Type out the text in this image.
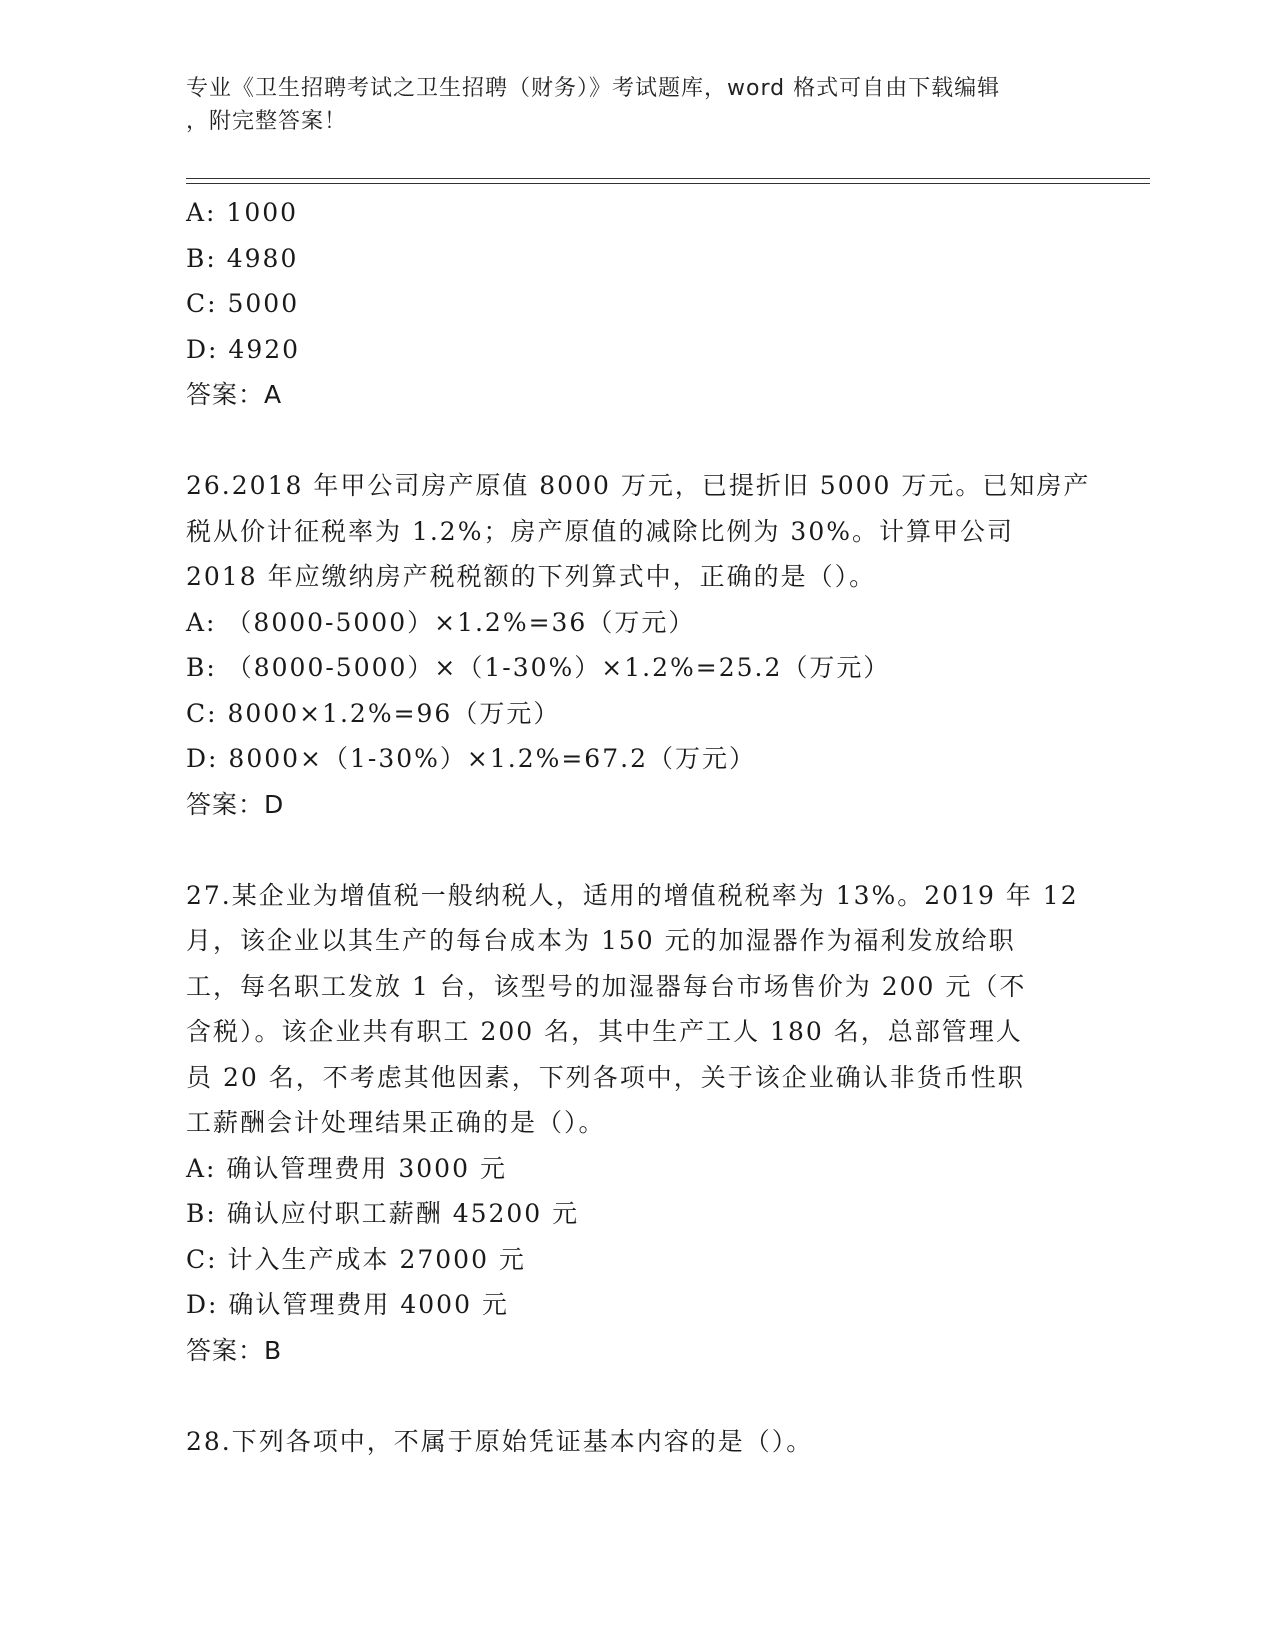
专业《卫生招聘考试之卫生招聘（财务）》考试题库，word 格式可自由下载编辑
，附完整答案！
A: 1000
B: 4980
C: 5000
D: 4920
答案：A
26.2018 年甲公司房产原值 8000 万元，已提折旧 5000 万元。已知房产
税从价计征税率为 1.2%；房产原值的减除比例为 30%。计算甲公司
2018 年应缴纳房产税税额的下列算式中，正确的是（）。
A: （8000-5000）×1.2%=36（万元）
B: （8000-5000）×（1-30%）×1.2%=25.2（万元）
C: 8000×1.2%=96（万元）
D: 8000×（1-30%）×1.2%=67.2（万元）
答案：D
27.某企业为增值税一般纳税人，适用的增值税税率为 13%。2019 年 12
月，该企业以其生产的每台成本为 150 元的加湿器作为福利发放给职
工，每名职工发放 1 台，该型号的加湿器每台市场售价为 200 元（不
含税）。该企业共有职工 200 名，其中生产工人 180 名，总部管理人
员 20 名，不考虑其他因素，下列各项中，关于该企业确认非货币性职
工薪酬会计处理结果正确的是（）。
A: 确认管理费用 3000 元
B: 确认应付职工薪酬 45200 元
C: 计入生产成本 27000 元
D: 确认管理费用 4000 元
答案：B
28.下列各项中，不属于原始凭证基本内容的是（）。
